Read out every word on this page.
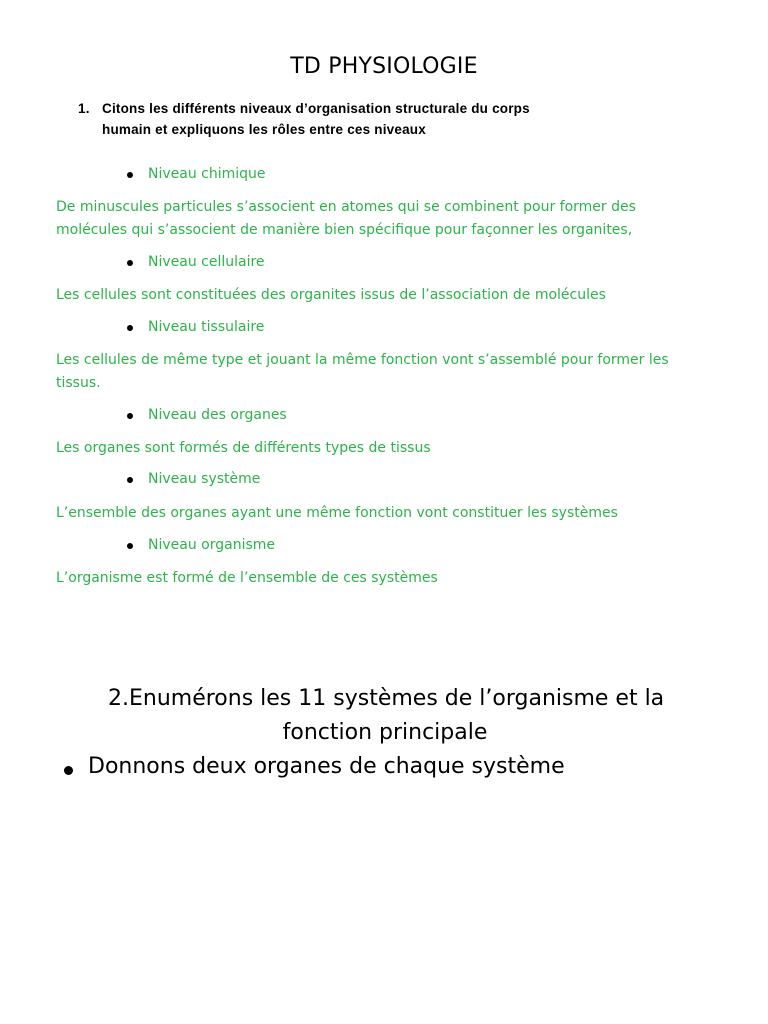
TD PHYSIOLOGIE
1. Citons les différents niveaux d’organisation structurale du corps
humain et expliquons les rôles entre ces niveaux
Niveau chimique
De minuscules particules s’associent en atomes qui se combinent pour former des molécules qui s’associent de manière bien spécifique pour façonner les organites,
Niveau cellulaire
Les cellules sont constituées des organites issus de l’association de molécules
Niveau tissulaire
Les cellules de même type et jouant la même fonction vont s’assemblé pour former les tissus.
Niveau des organes
Les organes sont formés de différents types de tissus
Niveau système
L’ensemble des organes ayant une même fonction vont constituer les systèmes
Niveau organisme
L’organisme est formé de l’ensemble de ces systèmes
2.Enumérons les 11 systèmes de l’organisme et la
fonction principale
Donnons deux organes de chaque système
